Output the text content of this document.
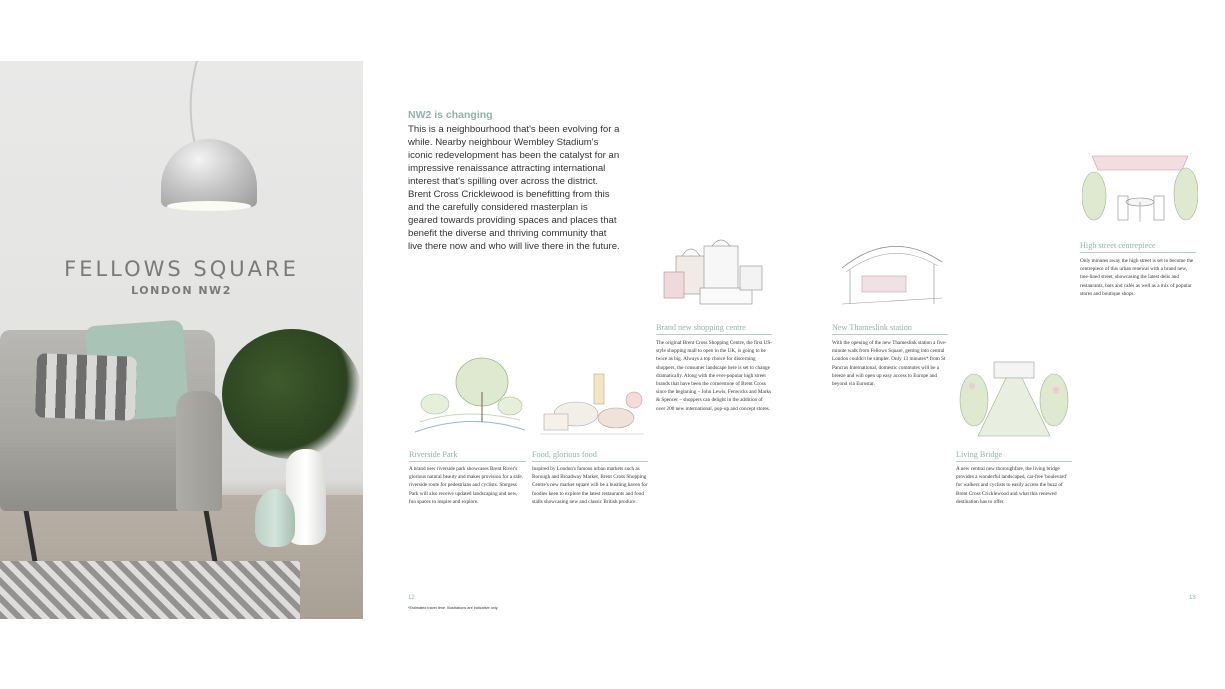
FELLOWS SQUARE
LONDON NW2
NW2 is changing
This is a neighbourhood that's been evolving for a while. Nearby neighbour Wembley Stadium's iconic redevelopment has been the catalyst for an impressive renaissance attracting international interest that's spilling over across the district. Brent Cross Cricklewood is benefitting from this and the carefully considered masterplan is geared towards providing spaces and places that benefit the diverse and thriving community that live there now and who will live there in the future.
Riverside Park
A brand new riverside park showcases Brent River's glorious natural beauty and makes provision for a safe, riverside route for pedestrians and cyclists. Sturgess Park will also receive updated landscaping and new, fun spaces to inspire and explore.
Food, glorious food
Inspired by London's famous urban markets such as Borough and Broadway Market, Brent Cross Shopping Centre's new market square will be a bustling haven for foodies keen to explore the latest restaurants and food stalls showcasing new and classic British produce.
Brand new shopping centre
The original Brent Cross Shopping Centre, the first US-style shopping mall to open in the UK, is going to be twice as big. Always a top choice for discerning shoppers, the consumer landscape here is set to change dramatically. Along with the ever-popular high street brands that have been the cornerstone of Brent Cross since the beginning – John Lewis, Fenwicks and Marks & Spencer – shoppers can delight in the addition of over 200 new international, pop-up and concept stores.
New Thameslink station
With the opening of the new Thameslink station a five-minute walk from Fellows Square, getting into central London couldn't be simpler. Only 13 minutes* from St Pancras International, domestic commutes will be a breeze and will open up easy access to Europe and beyond via Eurostar.
Living Bridge
A new central new thoroughfare, the living bridge provides a wonderful landscaped, car-free 'boulevard' for walkers and cyclists to easily access the buzz of Brent Cross Cricklewood and what this renewed destination has to offer.
High street centrepiece
Only minutes away the high street is set to become the centrepiece of this urban renewal with a brand new, tree-lined street, showcasing the latest delis and restaurants, bars and cafés as well as a mix of popular stores and boutique shops.
12	13
*Estimated travel time. Illustrations are indicative only.
